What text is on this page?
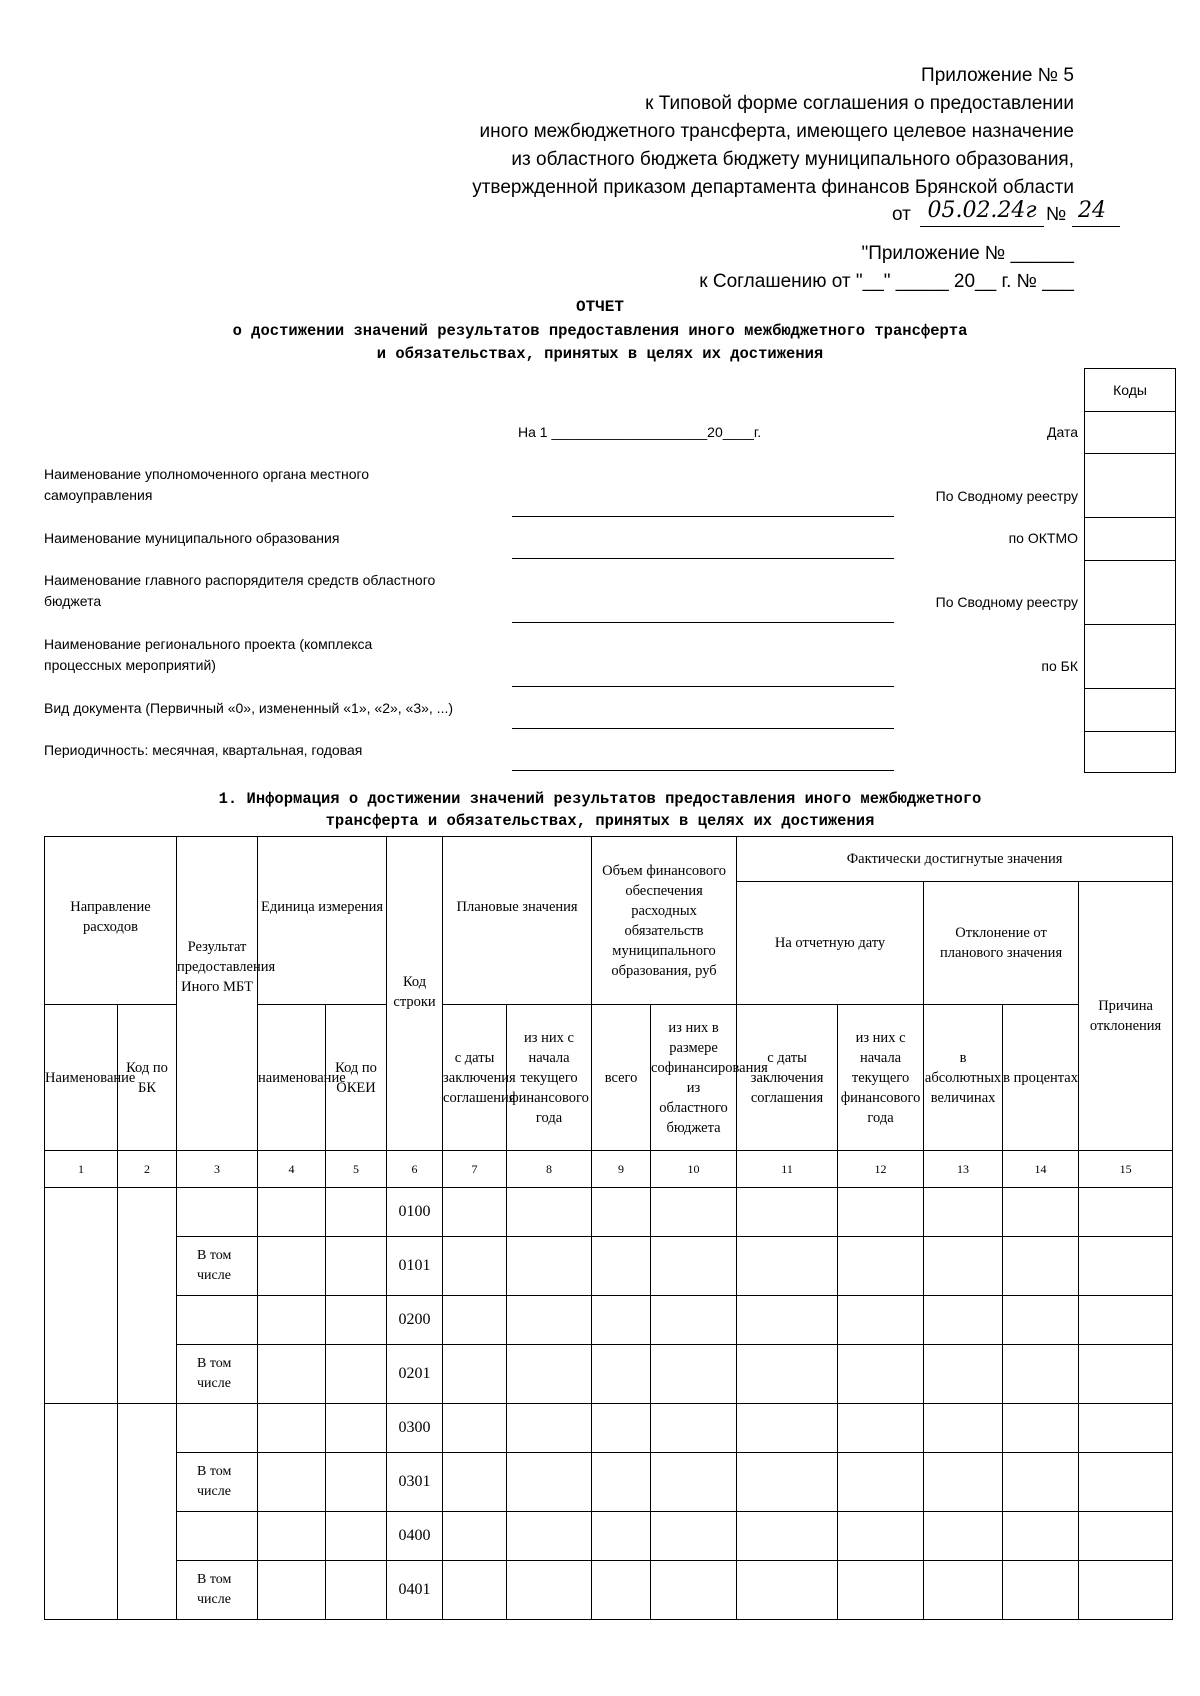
Приложение № 5
к Типовой форме соглашения о предоставлении
иного межбюджетного трансферта, имеющего целевое назначение
из областного бюджета бюджету муниципального образования,
утвержденной приказом департамента финансов Брянской области
от 05.02.24г № 24
"Приложение № ______
к Соглашению от "__" _____ 20__ г. № ___
ОТЧЕТ
о достижении значений результатов предоставления иного межбюджетного трансферта
и обязательствах, принятых в целях их достижения
Коды
На 1 ____________________20____г.	Дата
Наименование уполномоченного органа местного самоуправления	По Сводному реестру
Наименование муниципального образования	по ОКТМО
Наименование главного распорядителя средств областного бюджета	По Сводному реестру
Наименование регионального проекта (комплекса процессных мероприятий)	по БК
Вид документа (Первичный «0», измененный «1», «2», «3», ...)
Периодичность: месячная, квартальная, годовая
1. Информация о достижении значений результатов предоставления иного межбюджетного
трансферта и обязательствах, принятых в целях их достижения
Направление расходов		Результат предоставления Иного МБТ	Единица измерения		Код строки	Плановые значения		Объем финансового обеспечения расходных обязательств муниципального образования, руб		Фактически достигнутые значения				
										На отчетную дату		Отклонение от планового значения		Причина отклонения

Наименование	Код по БК		наименование	Код по ОКЕИ		с даты заключения соглашения	из них с начала текущего финансового года	всего	из них в размере софинансирования из областного бюджета	с даты заключения соглашения	из них с начала текущего финансового года	в абсолютных величинах	в процентах	
1	2	3	4	5	6	7	8	9	10	11	12	13	14	15
					0100									
		В том числе			0101									
					0200									
		В том числе			0201									
					0300									
		В том числе			0301									
					0400									
		В том числе			0401									
